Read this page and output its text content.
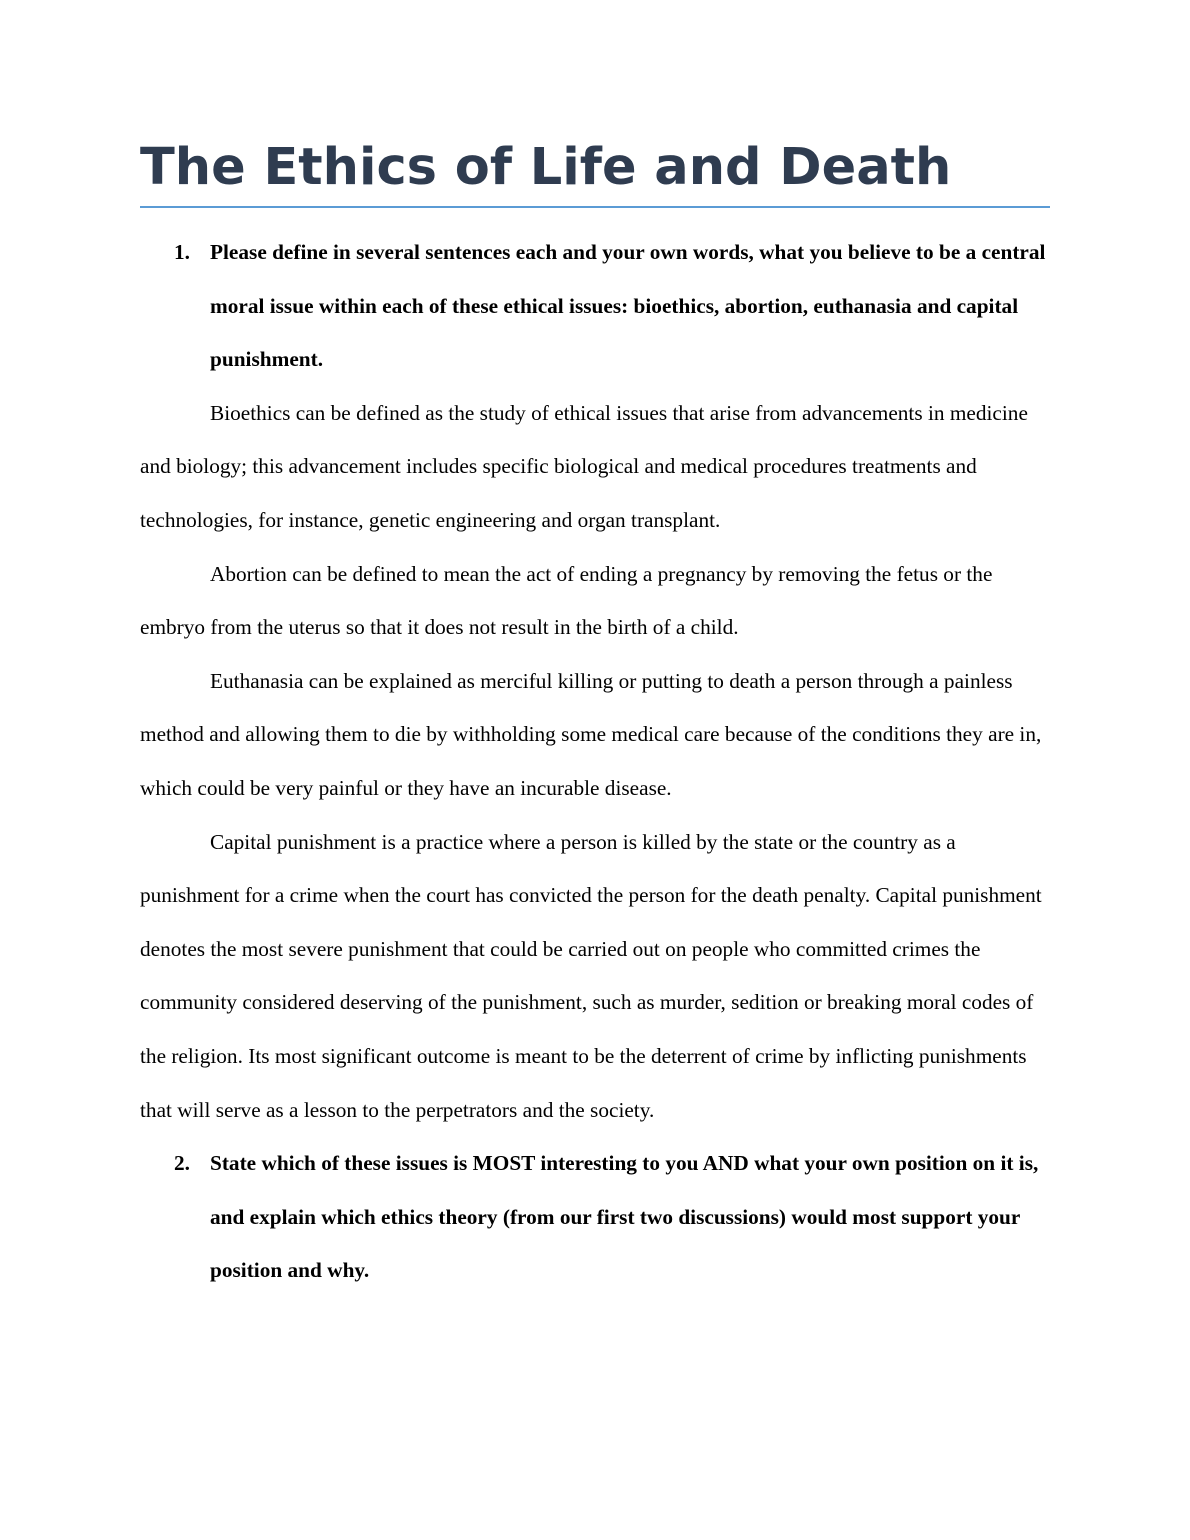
The Ethics of Life and Death
1. Please define in several sentences each and your own words, what you believe to be a central moral issue within each of these ethical issues: bioethics, abortion, euthanasia and capital punishment.

Bioethics can be defined as the study of ethical issues that arise from advancements in medicine and biology; this advancement includes specific biological and medical procedures treatments and technologies, for instance, genetic engineering and organ transplant.

Abortion can be defined to mean the act of ending a pregnancy by removing the fetus or the embryo from the uterus so that it does not result in the birth of a child.

Euthanasia can be explained as merciful killing or putting to death a person through a painless method and allowing them to die by withholding some medical care because of the conditions they are in, which could be very painful or they have an incurable disease.

Capital punishment is a practice where a person is killed by the state or the country as a punishment for a crime when the court has convicted the person for the death penalty. Capital punishment denotes the most severe punishment that could be carried out on people who committed crimes the community considered deserving of the punishment, such as murder, sedition or breaking moral codes of the religion. Its most significant outcome is meant to be the deterrent of crime by inflicting punishments that will serve as a lesson to the perpetrators and the society.

2. State which of these issues is MOST interesting to you AND what your own position on it is, and explain which ethics theory (from our first two discussions) would most support your position and why.
